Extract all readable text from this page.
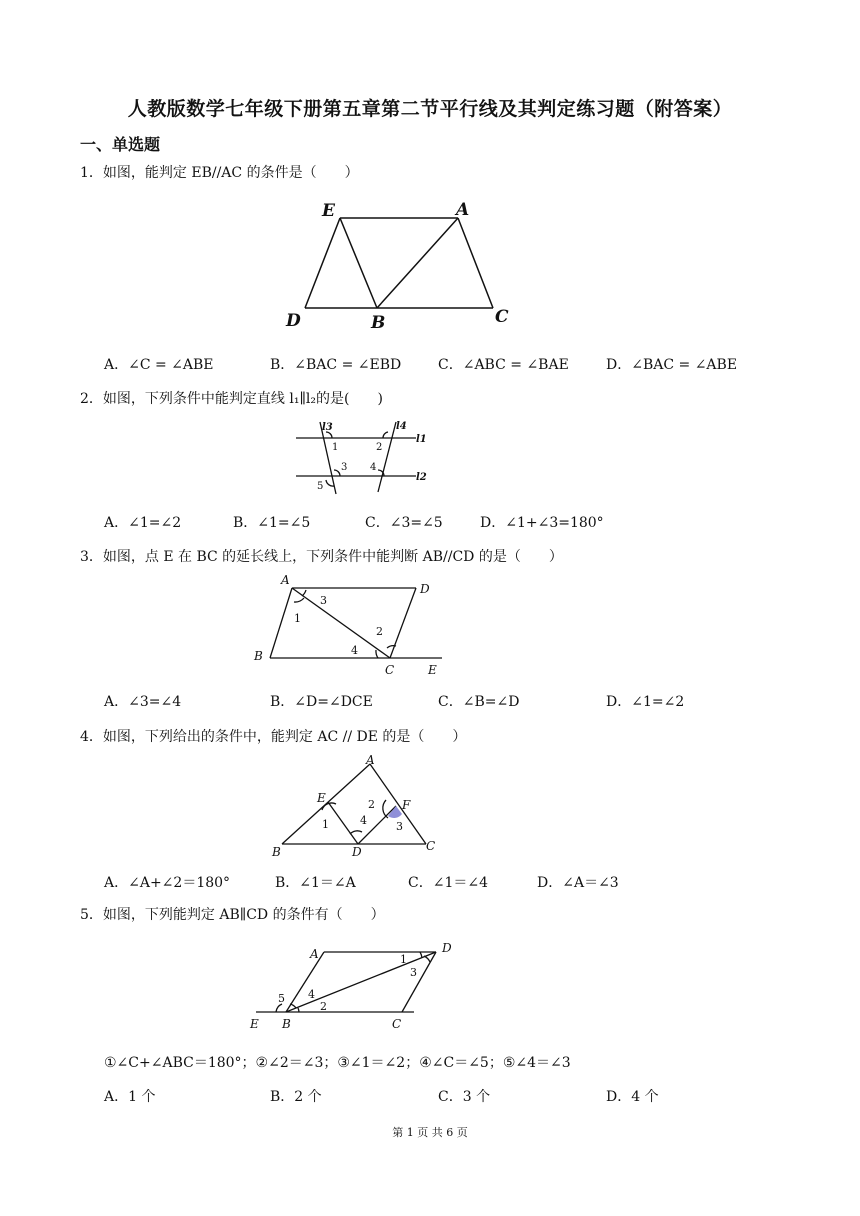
人教版数学七年级下册第五章第二节平行线及其判定练习题（附答案）
一、单选题
1．如图，能判定 EB//AC 的条件是（　　）
E	A
D	B	C
A．∠C = ∠ABE	B．∠BAC = ∠EBD	C．∠ABC = ∠BAE	D．∠BAC = ∠ABE
2．如图，下列条件中能判定直线 l₁∥l₂的是(　　)
l3	l4
l1
l2
1	2
3 4
5
A．∠1=∠2	B．∠1=∠5	C．∠3=∠5	D．∠1+∠3=180°
3．如图，点 E 在 BC 的延长线上，下列条件中能判断 AB//CD 的是（　　）
A
D
B
C	E
1
2
3
4
A．∠3=∠4	B．∠D=∠DCE	C．∠B=∠D	D．∠1=∠2
4．如图，下列给出的条件中，能判定 AC // DE 的是（　　）
A
E	F
B	D	C
1
2
3
4
A．∠A+∠2＝180°	B．∠1＝∠A	C．∠1＝∠4	D．∠A＝∠3
5．如图，下列能判定 AB∥CD 的条件有（　　）
A	D
E B	C
1
2
3
4
5
①∠C+∠ABC＝180°；②∠2＝∠3；③∠1＝∠2；④∠C＝∠5；⑤∠4＝∠3
A．1 个	B．2 个	C．3 个	D．4 个
第 1 页 共 6 页
